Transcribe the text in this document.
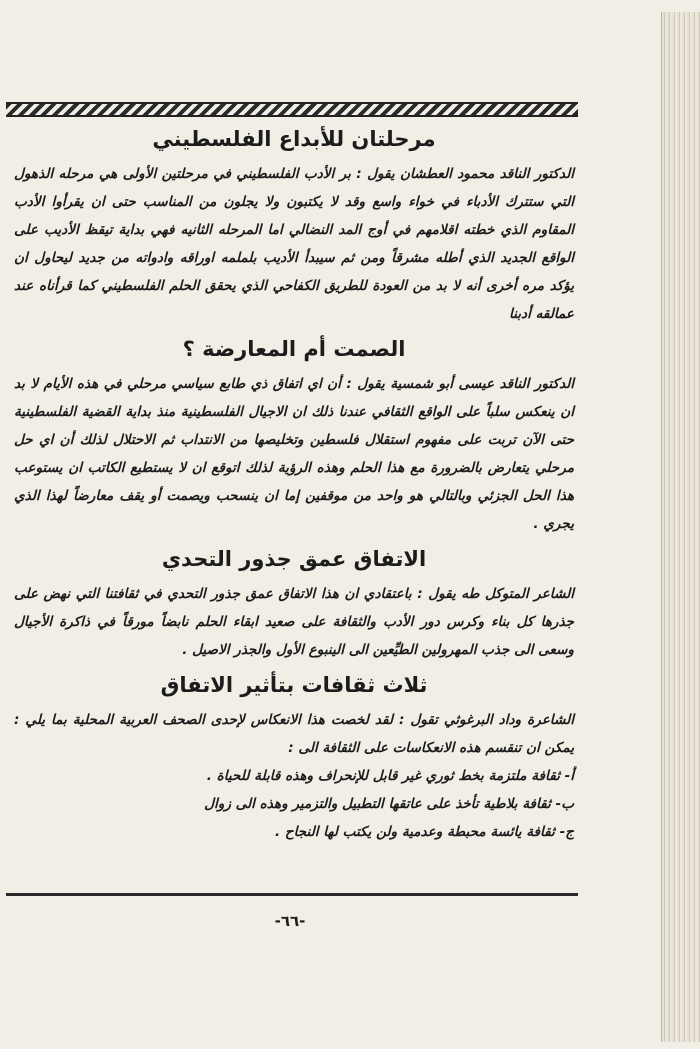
مرحلتان للأبداع الفلسطيني

الدكتور الناقد محمود العطشان يقول : بر الأدب الفلسطيني في مرحلتين الأولى هي مرحله الذهول التي ستترك الأدباء في خواء واسع وقد لا يكتبون ولا يجلون من المناسب حتى ان يقرأوا الأدب المقاوم الذي خطته اقلامهم في أوج المد النضالي اما المرحله الثانيه فهي بداية تيقظ الأديب على الواقع الجديد الذي أطله مشرقاً ومن ثم سيبدأ الأديب بلملمه اوراقه وادواته من جديد ليحاول ان يؤكد مره أخرى أنه لا بد من العودة للطريق الكفاحي الذي يحقق الحلم الفلسطيني كما قرأناه عند عمالقه أدبنا

الصمت أم المعارضة ؟

الدكتور الناقد عيسى أبو شمسية يقول : أن اي اتفاق ذي طابع سياسي مرحلي في هذه الأيام لا بد ان ينعكس سلباً على الواقع الثقافي عندنا ذلك ان الاجيال الفلسطينية منذ بداية القضية الفلسطينية حتى الآن تربت على مفهوم استقلال فلسطين وتخليصها من الانتداب ثم الاحتلال لذلك أن اي حل مرحلي يتعارض بالضرورة مع هذا الحلم وهذه الرؤية لذلك اتوقع ان لا يستطيع الكاتب ان يستوعب هذا الحل الجزئي وبالتالي هو واحد من موقفين إما ان ينسحب ويصمت أو يقف معارضاً لهذا الذي يجري .

الاتفاق عمق جذور التحدي

الشاعر المتوكل طه يقول : باعتقادي ان هذا الاتفاق عمق جذور التحدي في ثقافتنا التي نهض على جذرها كل بناء وكرس دور الأدب والثقافة على صعيد ابقاء الحلم نابضاً مورقاً في ذاكرة الأجيال وسعى الى جذب المهرولين الطيِّعين الى الينبوع الأول والجذر الاصيل .

ثلاث ثقافات بتأثير الاتفاق

الشاعرة وداد البرغوثي تقول : لقد لخصت هذا الانعكاس لإحدى الصحف العربية المحلية بما يلي : يمكن ان تنقسم هذه الانعكاسات على الثقافة الى :

أ- ثقافة ملتزمة بخط ثوري غير قابل للإنحراف وهذه قابلة للحياة .

ب- ثقافة بلاطية تأخذ على عاتقها التطبيل والتزمير وهذه الى زوال

ج- ثقافة يائسة محبطة وعدمية ولن يكتب لها النجاح .

-٦٦-
